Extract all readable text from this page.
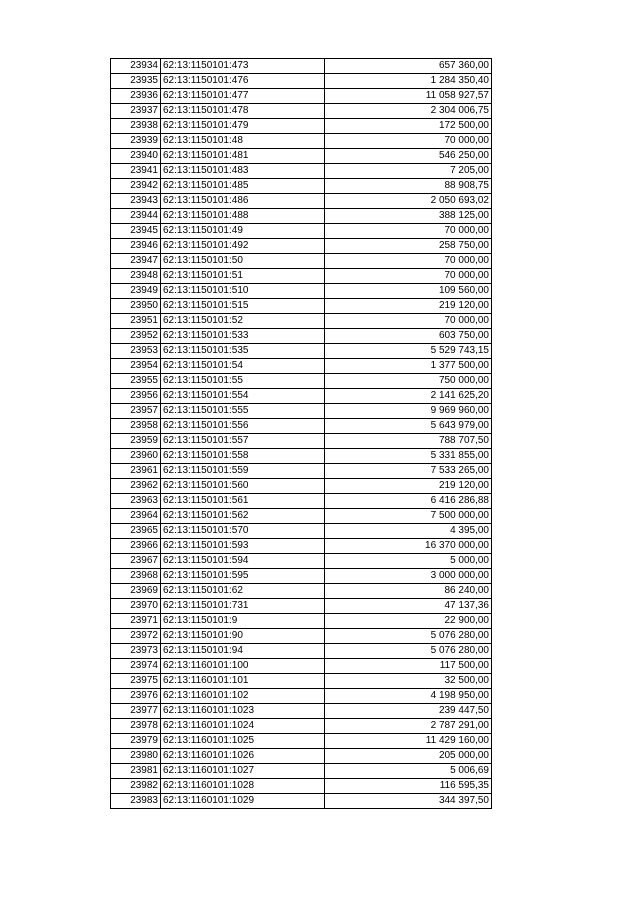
23934	62:13:1150101:473	657 360,00
23935	62:13:1150101:476	1 284 350,40
23936	62:13:1150101:477	11 058 927,57
23937	62:13:1150101:478	2 304 006,75
23938	62:13:1150101:479	172 500,00
23939	62:13:1150101:48	70 000,00
23940	62:13:1150101:481	546 250,00
23941	62:13:1150101:483	7 205,00
23942	62:13:1150101:485	88 908,75
23943	62:13:1150101:486	2 050 693,02
23944	62:13:1150101:488	388 125,00
23945	62:13:1150101:49	70 000,00
23946	62:13:1150101:492	258 750,00
23947	62:13:1150101:50	70 000,00
23948	62:13:1150101:51	70 000,00
23949	62:13:1150101:510	109 560,00
23950	62:13:1150101:515	219 120,00
23951	62:13:1150101:52	70 000,00
23952	62:13:1150101:533	603 750,00
23953	62:13:1150101:535	5 529 743,15
23954	62:13:1150101:54	1 377 500,00
23955	62:13:1150101:55	750 000,00
23956	62:13:1150101:554	2 141 625,20
23957	62:13:1150101:555	9 969 960,00
23958	62:13:1150101:556	5 643 979,00
23959	62:13:1150101:557	788 707,50
23960	62:13:1150101:558	5 331 855,00
23961	62:13:1150101:559	7 533 265,00
23962	62:13:1150101:560	219 120,00
23963	62:13:1150101:561	6 416 286,88
23964	62:13:1150101:562	7 500 000,00
23965	62:13:1150101:570	4 395,00
23966	62:13:1150101:593	16 370 000,00
23967	62:13:1150101:594	5 000,00
23968	62:13:1150101:595	3 000 000,00
23969	62:13:1150101:62	86 240,00
23970	62:13:1150101:731	47 137,36
23971	62:13:1150101:9	22 900,00
23972	62:13:1150101:90	5 076 280,00
23973	62:13:1150101:94	5 076 280,00
23974	62:13:1160101:100	117 500,00
23975	62:13:1160101:101	32 500,00
23976	62:13:1160101:102	4 198 950,00
23977	62:13:1160101:1023	239 447,50
23978	62:13:1160101:1024	2 787 291,00
23979	62:13:1160101:1025	11 429 160,00
23980	62:13:1160101:1026	205 000,00
23981	62:13:1160101:1027	5 006,69
23982	62:13:1160101:1028	116 595,35
23983	62:13:1160101:1029	344 397,50
